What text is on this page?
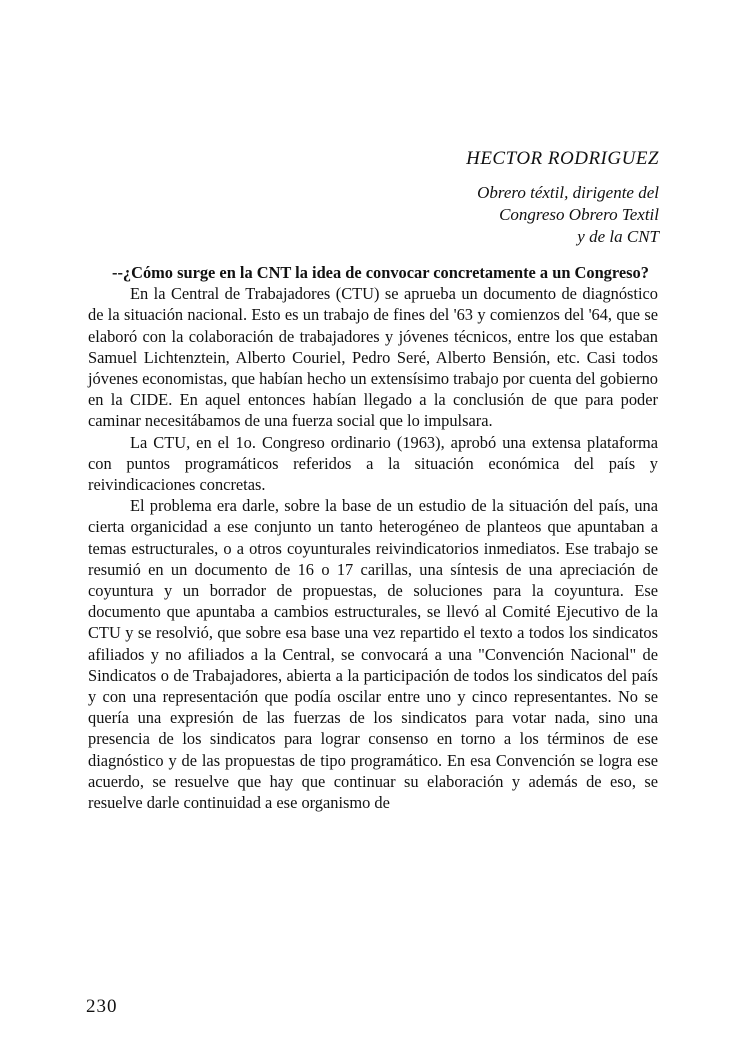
HECTOR RODRIGUEZ
Obrero téxtil, dirigente del
Congreso Obrero Textil
y de la CNT

--¿Cómo surge en la CNT la idea de convocar concretamente a un Congreso?

En la Central de Trabajadores (CTU) se aprueba un documento de diagnóstico de la situación nacional. Esto es un trabajo de fines del '63 y comienzos del '64, que se elaboró con la colaboración de trabajadores y jóvenes técnicos, entre los que estaban Samuel Lichtenztein, Alberto Couriel, Pedro Seré, Alberto Bensión, etc. Casi todos jóvenes economistas, que habían hecho un extensísimo trabajo por cuenta del gobierno en la CIDE. En aquel entonces habían llegado a la conclusión de que para poder caminar necesitábamos de una fuerza social que lo impulsara.

La CTU, en el 1o. Congreso ordinario (1963), aprobó una extensa plataforma con puntos programáticos referidos a la situación económica del país y reivindicaciones concretas.

El problema era darle, sobre la base de un estudio de la situación del país, una cierta organicidad a ese conjunto un tanto heterogéneo de planteos que apuntaban a temas estructurales, o a otros coyunturales reivindicatorios inmediatos. Ese trabajo se resumió en un documento de 16 o 17 carillas, una síntesis de una apreciación de coyuntura y un borrador de propuestas, de soluciones para la coyuntura. Ese documento que apuntaba a cambios estructurales, se llevó al Comité Ejecutivo de la CTU y se resolvió, que sobre esa base una vez repartido el texto a todos los sindicatos afiliados y no afiliados a la Central, se convocará a una "Convención Nacional" de Sindicatos o de Trabajadores, abierta a la participación de todos los sindicatos del país y con una representación que podía oscilar entre uno y cinco representantes. No se quería una expresión de las fuerzas de los sindicatos para votar nada, sino una presencia de los sindicatos para lograr consenso en torno a los términos de ese diagnóstico y de las propuestas de tipo programático. En esa Convención se logra ese acuerdo, se resuelve que hay que continuar su elaboración y además de eso, se resuelve darle continuidad a ese organismo de

230
